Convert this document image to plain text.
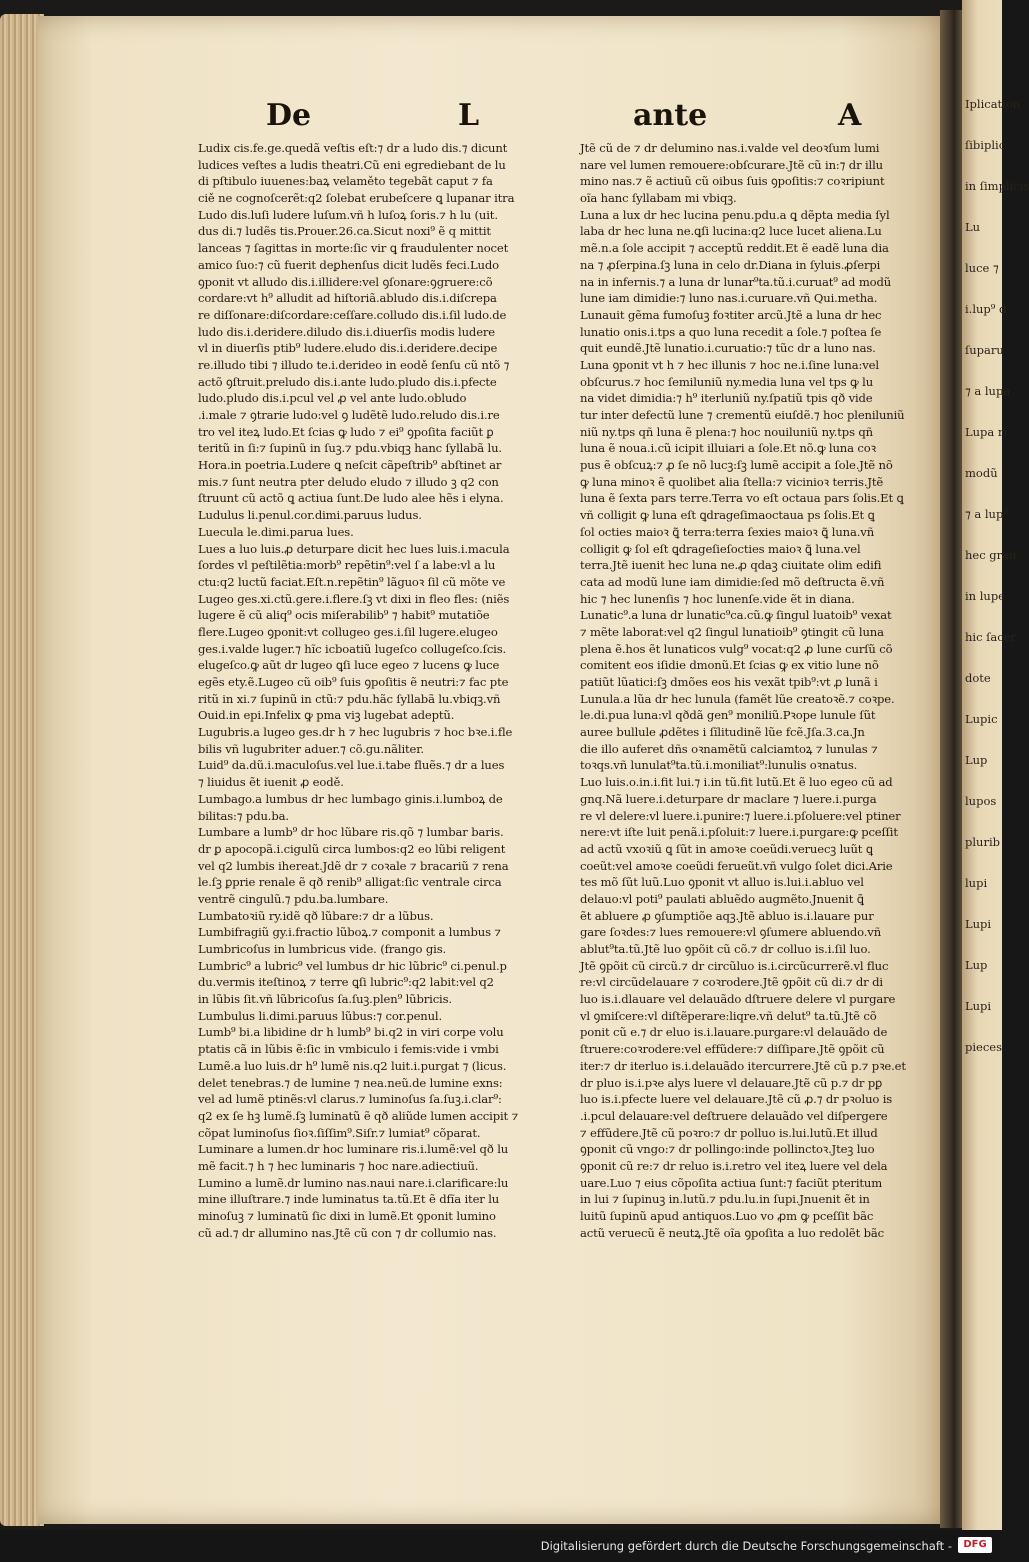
De	L	ante	A
Ludix cis.fe.ge.quedã veſtis eſt:⁊ dr a ludo dis.⁊ dicunt
ludices veſtes a ludis theatri.Cũ eni egrediebant de lu
di pſtibulo iuuenes:baꝝ velaměto tegebãt caput ⁊ fa
ciě ne cognoſcerẽt:q2 ſolebat erubeſcere ꝗ lupanar itra
Ludo dis.luſi ludere luſum.vñ h luſoꝝ ſoris.⁊ h lu (uit.
dus di.⁊ ludẽs tis.Prouer.26.ca.Sicut noxi⁹ ẽ q mittit
lanceas ⁊ ſagittas in morte:ſic vir ꝗ fraudulenter nocet
amico ſuo:⁊ cũ fuerit deꝑhenſus dicit ludẽs feci.Ludo
ꝯponit vt alludo dis.i.illidere:vel ꝯſonare:ꝯgruere:cõ
cordare:vt h⁹ alludit ad hiſtoriã.abludo dis.i.diſcrepa
re diſſonare:diſcordare:ceſſare.colludo dis.i.ſil ludo.de
ludo dis.i.deridere.diludo dis.i.diuerſis modis ludere
vl in diuerſis ptib⁹ ludere.eludo dis.i.deridere.decipe
re.illudo tibi ⁊ illudo te.i.derideo in eodě ſenſu cũ ntõ ⁊
actõ ꝯſtruit.preludo dis.i.ante ludo.pludo dis.i.pfecte
ludo.pludo dis.i.pcul vel ꝓ vel ante ludo.obludo
.i.male ⁊ ꝯtrarie ludo:vel ꝯ ludẽtẽ ludo.reludo dis.i.re
tro vel iteꝝ ludo.Et ſcias ꝙ ludo ⁊ ei⁹ ꝯpoſita faciũt ꝑ
teritũ in ſi:⁊ ſupinũ in ſuꝫ.⁊ pdu.vbiqꝫ hanc ſyllabã lu.
Hora.in poetria.Ludere ꝗ neſcit cãpeſtrib⁹ abſtinet ar
mis.⁊ ſunt neutra pter deludo eludo ⁊ illudo ꝫ q2 con
ſtruunt cũ actõ ꝗ actiua ſunt.De ludo alee hẽs i elyna.
Ludulus li.penul.cor.dimi.paruus ludus.
Luecula le.dimi.parua lues.
Lues a luo luis.ꝓ deturpare dicit hec lues luis.i.macula
ſordes vl peſtilẽtia:morb⁹ repẽtin⁹:vel ſ a labe:vl a lu
ctu:q2 luctũ faciat.Eſt.n.repẽtin⁹ lãguoꝛ ſil cũ mõte ve
Lugeo ges.xi.ctũ.gere.i.flere.ſꝫ vt dixi in fleo fles: (niẽs
lugere ẽ cũ aliq⁹ ocis miſerabilib⁹ ⁊ habit⁹ mutatiõe
flere.Lugeo ꝯponit:vt collugeo ges.i.ſil lugere.elugeo
ges.i.valde luger.⁊ hĩc icboatiũ lugeſco collugeſco.ſcis.
elugeſco.ꝙ aũt dr lugeo ꝗſi luce egeo ⁊ lucens ꝙ luce
egẽs ety.ẽ.Lugeo cũ oib⁹ ſuis ꝯpoſitis ẽ neutri:⁊ fac pte
ritũ in xi.⁊ ſupinũ in ctũ:⁊ pdu.hãc ſyllabã lu.vbiqꝫ.vñ
Ouid.in epi.Infelix ꝙ pma viꝫ lugebat adeptũ.
Lugubris.a lugeo ges.dr h ⁊ hec lugubris ⁊ hoc bꝛe.i.fle
bilis vñ lugubriter aduer.⁊ cõ.gu.nãliter.
Luid⁹ da.dũ.i.maculoſus.vel lue.i.tabe fluẽs.⁊ dr a lues
⁊ liuidus ẽt iuenit ꝓ eodě.
Lumbago.a lumbus dr hec lumbago ginis.i.lumboꝝ de
bilitas:⁊ pdu.ba.
Lumbare a lumb⁹ dr hoc lũbare ris.qõ ⁊ lumbar baris.
dr ꝑ apocopã.i.cigulũ circa lumbos:q2 eo lũbi religent
vel q2 lumbis ihereat.Jdẽ dr ⁊ coꝛale ⁊ bracariũ ⁊ rena
le.ſꝫ ꝑprie renale ẽ qð renib⁹ alligat:ſic ventrale circa
ventrẽ cingulũ.⁊ pdu.ba.lumbare.
Lumbatoꝛiũ ry.idẽ qð lũbare:⁊ dr a lũbus.
Lumbifragiũ gy.i.fractio lũboꝝ.⁊ componit a lumbus ⁊
Lumbricoſus in lumbricus vide. (frango gis.
Lumbric⁹ a lubric⁹ vel lumbus dr hic lũbric⁹ ci.penul.p
du.vermis iteſtinoꝝ ⁊ terre ꝗſi lubric⁹:q2 labit:vel q2
in lũbis ſit.vñ lũbricoſus ſa.ſuꝫ.plen⁹ lũbricis.
Lumbulus li.dimi.paruus lũbus:⁊ cor.penul.
Lumb⁹ bi.a libidine dr h lumb⁹ bi.q2 in viri corpe volu
ptatis cã in lũbis ẽ:ſic in vmbiculo i femis:vide i vmbi
Lumẽ.a luo luis.dr h⁹ lumẽ nis.q2 luit.i.purgat ⁊ (licus.
delet tenebras.⁊ de lumine ⁊ nea.neũ.de lumine exns:
vel ad lumẽ ptinẽs:vl clarus.⁊ luminoſus ſa.ſuꝫ.i.clar⁹:
q2 ex ſe hꝫ lumẽ.ſꝫ luminatũ ẽ qð aliũde lumen accipit ⁊
cõpat luminoſus ſioꝛ.ſiſſim⁹.Siſr.⁊ lumiat⁹ cõparat.
Luminare a lumen.dr hoc luminare ris.i.lumẽ:vel qð lu
mẽ facit.⁊ h ⁊ hec luminaris ⁊ hoc nare.adiectiuũ.
Lumino a lumẽ.dr lumino nas.naui nare.i.clarificare:lu
mine illuſtrare.⁊ inde luminatus ta.tũ.Et ẽ dfĩa iter lu
minoſuꝫ ⁊ luminatũ ſic dixi in lumẽ.Et ꝯponit lumino
cũ ad.⁊ dr allumino nas.Jtẽ cũ con ⁊ dr collumio nas.
Jtẽ cũ de ⁊ dr delumino nas.i.valde vel deoꝛſum lumi
nare vel lumen remouere:obſcurare.Jtẽ cũ in:⁊ dr illu
mino nas.⁊ ẽ actiuũ cũ oibus ſuis ꝯpoſitis:⁊ coꝛripiunt
oĩa hanc ſyllabam mi vbiqꝫ.
Luna a lux dr hec lucina penu.pdu.a ꝗ dẽpta media ſyl
laba dr hec luna ne.ꝗſi lucina:q2 luce lucet aliena.Lu
mẽ.n.a ſole accipit ⁊ acceptũ reddit.Et ẽ eadẽ luna dia
na ⁊ ꝓſerpina.ſꝫ luna in celo dr.Diana in ſyluis.ꝓſerpi
na in infernis.⁊ a luna dr lunar⁹ta.tũ.i.curuat⁹ ad modũ
lune iam dimidie:⁊ luno nas.i.curuare.vñ Qui.metha.
Lunauit gẽma fumoſuꝫ foꝛtiter arcũ.Jtẽ a luna dr hec
lunatio onis.i.tps a quo luna recedit a ſole.⁊ poſtea ſe
quit eundẽ.Jtẽ lunatio.i.curuatio:⁊ tũc dr a luno nas.
Luna ꝯponit vt h ⁊ hec illunis ⁊ hoc ne.i.ſine luna:vel
obſcurus.⁊ hoc ſemiluniũ ny.media luna vel tps ꝙ lu
na videt dimidia:⁊ h⁹ iterluniũ ny.ſpatiũ tpis qð vide
tur inter defectũ lune ⁊ crementũ eiuſdẽ.⁊ hoc pleniluniũ
niũ ny.tps qñ luna ẽ plena:⁊ hoc nouiluniũ ny.tps qñ
luna ẽ noua.i.cũ icipit illuiari a ſole.Et nõ.ꝙ luna coꝛ
pus ẽ obſcuꝝ:⁊ ꝓ ſe nõ lucꝫ:ſꝫ lumẽ accipit a ſole.Jtẽ nõ
ꝙ luna minoꝛ ẽ quolibet alia ſtella:⁊ vicinioꝛ terris.Jtẽ
luna ẽ ſexta pars terre.Terra vo eſt octaua pars ſolis.Et ꝗ
vñ colligit ꝙ luna eſt ꝗdrageſimaoctaua ps ſolis.Et ꝗ
ſol octies maioꝛ ꝗ̃ terra:terra ſexies maioꝛ ꝗ̃ luna.vñ
colligit ꝙ ſol eſt ꝗdrageſieſocties maioꝛ ꝗ̃ luna.vel
terra.Jtẽ iuenit hec luna ne.ꝓ qdaꝫ ciuitate olim edifi
cata ad modũ lune iam dimidie:ſed mõ deſtructa ẽ.vñ
hic ⁊ hec lunenſis ⁊ hoc lunenſe.vide ẽt in diana.
Lunatic⁹.a luna dr lunatic⁹ca.cũ.ꝙ ſingul luatoib⁹ vexat
⁊ mẽte laborat:vel q2 ſingul lunatioib⁹ ꝯtingit cũ luna
plena ẽ.hos ẽt lunaticos vulg⁹ vocat:q2 ꝓ lune curſũ cõ
comitent eos iſidie dmonũ.Et ſcias ꝙ ex vitio lune nõ
patiũt lũatici:ſꝫ dmões eos his vexãt tpib⁹:vt ꝓ lunã i
Lunula.a lũa dr hec lunula (famẽt lũe creatoꝛẽ.⁊ coꝛpe.
le.di.pua luna:vl qðdã gen⁹ moniliũ.Pꝛope lunule ſũt
auree bullule ꝓdẽtes i ſĩlitudinẽ lũe fcẽ.Jſa.3.ca.Jn
die illo auferet dñs oꝛnamẽtũ calciamtoꝝ ⁊ lunulas ⁊
toꝛqs.vñ lunulat⁹ta.tũ.i.moniliat⁹:lunulis oꝛnatus.
Luo luis.o.in.i.fit lui.⁊ i.in tũ.fit lutũ.Et ẽ luo egeo cũ ad
gnq.Nã luere.i.deturpare dr maclare ⁊ luere.i.purga
re vl delere:vl luere.i.punire:⁊ luere.i.pſoluere:vel ptiner
nere:vt iſte luit penã.i.pſoluit:⁊ luere.i.purgare:ꝙ pceſſit
ad actũ vxoꝛiũ ꝗ ſũt in amoꝛe coeũdi.veruecꝫ luũt ꝗ
coeũt:vel amoꝛe coeũdi ferueũt.vñ vulgo ſolet dici.Arie
tes mõ ſũt luũ.Luo ꝯponit vt alluo is.lui.i.abluo vel
delauo:vl poti⁹ paulati abluẽdo augmẽto.Jnuenit ꝗ̃
ẽt abluere ꝓ ꝯſumptiõe aqꝫ.Jtẽ abluo is.i.lauare pur
gare ſoꝛdes:⁊ lues remouere:vl ꝯſumere abluendo.vñ
ablut⁹ta.tũ.Jtẽ luo ꝯpõit cũ cõ.⁊ dr colluo is.i.ſil luo.
Jtẽ ꝯpõit cũ circũ.⁊ dr circũluo is.i.circũcurrerẽ.vl fluc
re:vl circũdelauare ⁊ coꝛrodere.Jtẽ ꝯpõit cũ di.⁊ dr di
luo is.i.dlauare vel delauãdo dſtruere delere vl purgare
vl ꝯmiſcere:vl diſtẽperare:liqre.vñ delut⁹ ta.tũ.Jtẽ cõ
ponit cũ e.⁊ dr eluo is.i.lauare.purgare:vl delauãdo de
ſtruere:coꝛrodere:vel effũdere:⁊ diſſipare.Jtẽ ꝯpõit cũ
iter:⁊ dr iterluo is.i.delauãdo itercurrere.Jtẽ cũ p.⁊ pꝛe.et
dr pluo is.i.pꝛe alys luere vl delauare.Jtẽ cũ p.⁊ dr pꝑ
luo is.i.pfecte luere vel delauare.Jtẽ cũ ꝓ.⁊ dr pꝛoluo is
.i.pcul delauare:vel deſtruere delauãdo vel diſpergere
⁊ effũdere.Jtẽ cũ poꝛro:⁊ dr polluo is.lui.lutũ.Et illud
ꝯponit cũ vngo:⁊ dr pollingo:inde pollinctoꝛ.Jteꝫ luo
ꝯponit cũ re:⁊ dr reluo is.i.retro vel iteꝝ luere vel dela
uare.Luo ⁊ eius cõpoſita actiua ſunt:⁊ faciũt pteritum
in lui ⁊ ſupinuꝫ in.lutũ.⁊ pdu.lu.in ſupi.Jnuenit ẽt in
luitũ ſupinũ apud antiquos.Luo vo ꝓm ꝙ pceſſit bãc
actũ veruecũ ẽ neutꝝ.Jtẽ oĩa ꝯpoſita a luo redolẽt bãc
Iplication
ſibiplic
in ſimplicis
Lu
luce ⁊
i.lup⁹ d
ſuparu
⁊ a lupa
Lupa ri
modũ
⁊ a lup⁹
hec grau
in lupe
hic ſacer
dote
Lupic
Lup
lupos
plurib
lupi
Lupi
Lup
Lupi
pieces
Digitalisierung gefördert durch die Deutsche Forschungsgemeinschaft -	DFG
